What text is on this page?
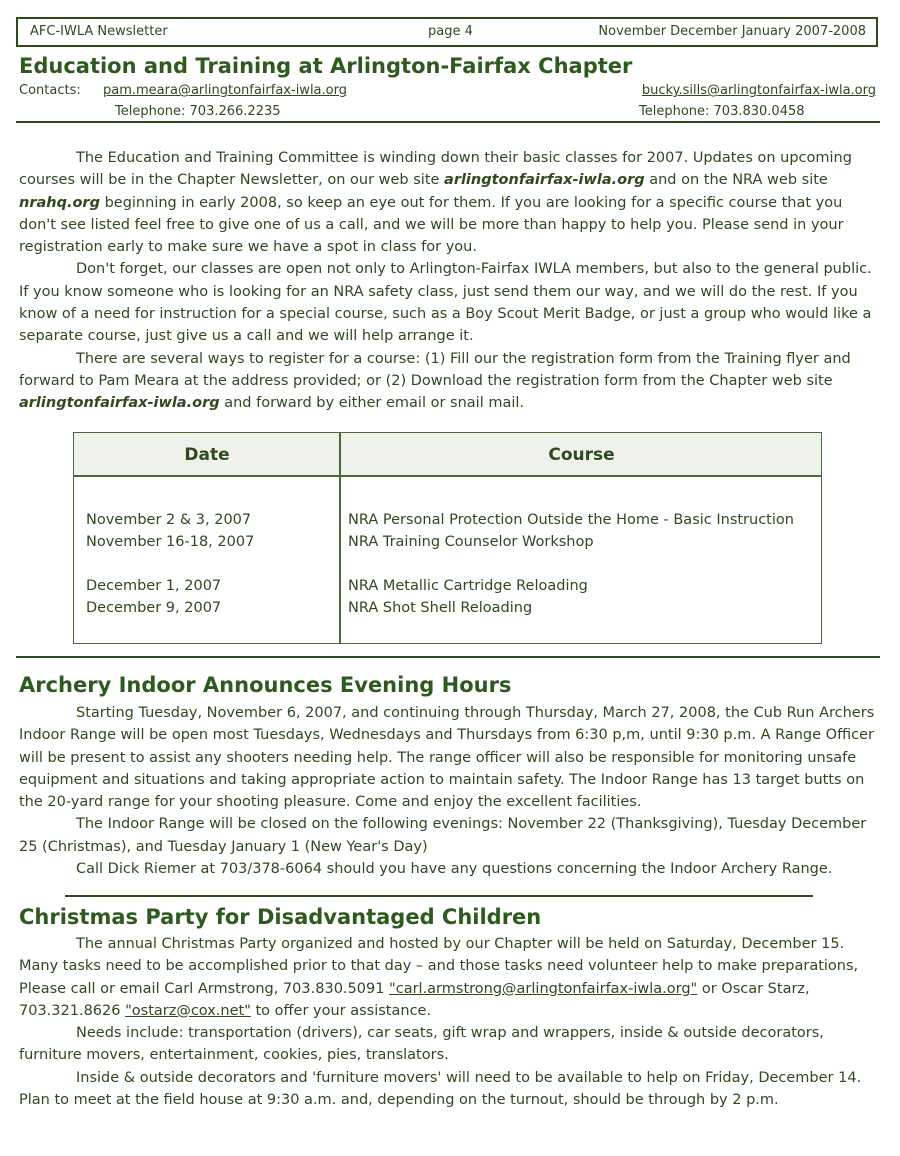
AFC-IWLA Newsletter	page 4	November December January 2007-2008
Education and Training at Arlington-Fairfax Chapter
Contacts: pam.meara@arlingtonfairfax-iwla.org
Telephone: 703.266.2235
bucky.sills@arlingtonfairfax-iwla.org
Telephone: 703.830.0458

The Education and Training Committee is winding down their basic classes for 2007. Updates on upcoming courses will be in the Chapter Newsletter, on our web site arlingtonfairfax-iwla.org and on the NRA web site nrahq.org beginning in early 2008, so keep an eye out for them. If you are looking for a specific course that you don't see listed feel free to give one of us a call, and we will be more than happy to help you. Please send in your registration early to make sure we have a spot in class for you.

Don't forget, our classes are open not only to Arlington-Fairfax IWLA members, but also to the general public. If you know someone who is looking for an NRA safety class, just send them our way, and we will do the rest. If you know of a need for instruction for a special course, such as a Boy Scout Merit Badge, or just a group who would like a separate course, just give us a call and we will help arrange it.

There are several ways to register for a course: (1) Fill our the registration form from the Training flyer and forward to Pam Meara at the address provided; or (2) Download the registration form from the Chapter web site arlingtonfairfax-iwla.org and forward by either email or snail mail.

Date	Course
November 2 & 3, 2007	NRA Personal Protection Outside the Home - Basic Instruction
November 16-18, 2007	NRA Training Counselor Workshop
December 1, 2007	NRA Metallic Cartridge Reloading
December 9, 2007	NRA Shot Shell Reloading
Archery Indoor Announces Evening Hours

Starting Tuesday, November 6, 2007, and continuing through Thursday, March 27, 2008, the Cub Run Archers Indoor Range will be open most Tuesdays, Wednesdays and Thursdays from 6:30 p,m, until 9:30 p.m. A Range Officer will be present to assist any shooters needing help. The range officer will also be responsible for monitoring unsafe equipment and situations and taking appropriate action to maintain safety. The Indoor Range has 13 target butts on the 20-yard range for your shooting pleasure. Come and enjoy the excellent facilities.

The Indoor Range will be closed on the following evenings: November 22 (Thanksgiving), Tuesday December 25 (Christmas), and Tuesday January 1 (New Year's Day)

Call Dick Riemer at 703/378-6064 should you have any questions concerning the Indoor Archery Range.

Christmas Party for Disadvantaged Children

The annual Christmas Party organized and hosted by our Chapter will be held on Saturday, December 15. Many tasks need to be accomplished prior to that day – and those tasks need volunteer help to make preparations, Please call or email Carl Armstrong, 703.830.5091 "carl.armstrong@arlingtonfairfax-iwla.org" or Oscar Starz, 703.321.8626 "ostarz@cox.net" to offer your assistance.

Needs include: transportation (drivers), car seats, gift wrap and wrappers, inside & outside decorators, furniture movers, entertainment, cookies, pies, translators.

Inside & outside decorators and 'furniture movers' will need to be available to help on Friday, December 14. Plan to meet at the field house at 9:30 a.m. and, depending on the turnout, should be through by 2 p.m.
